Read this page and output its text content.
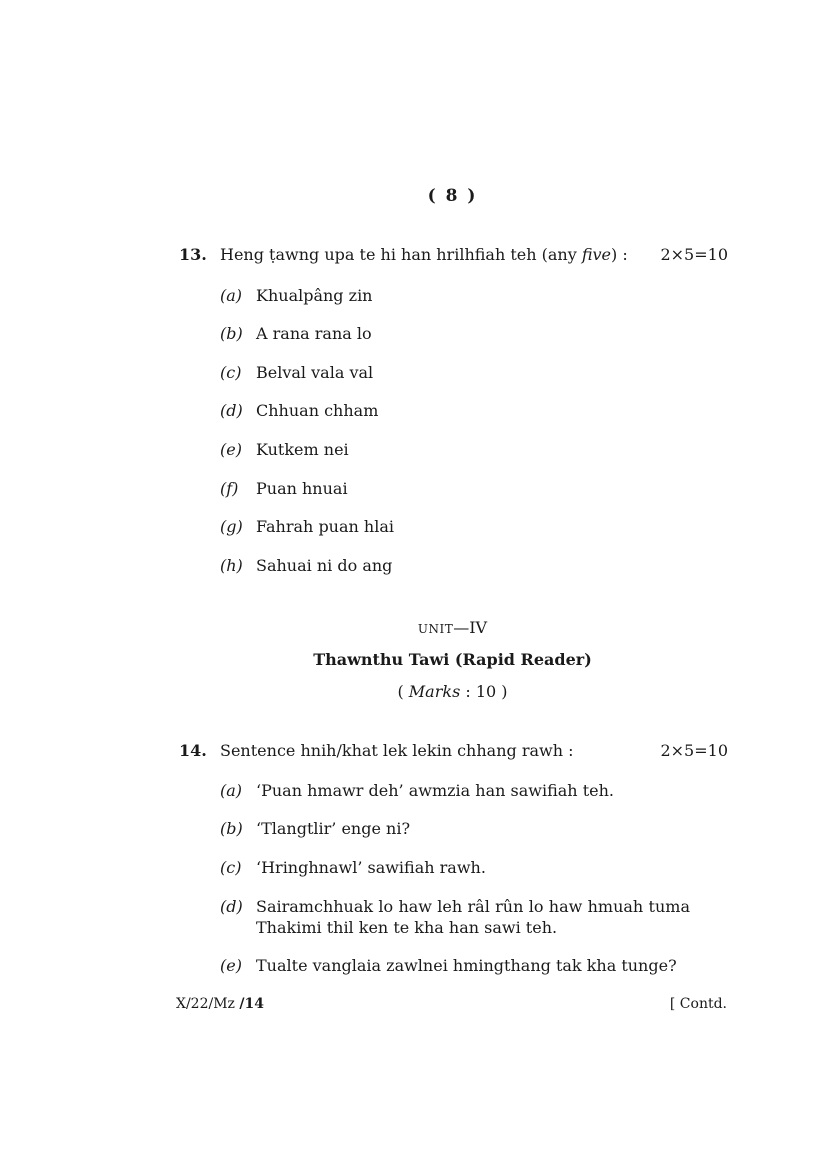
( 8 )
13. Heng ṭawng upa te hi han hrilhfiah teh (any five) : 2×5=10
(a) Khualpâng zin
(b) A rana rana lo
(c) Belval vala val
(d) Chhuan chham
(e) Kutkem nei
(f) Puan hnuai
(g) Fahrah puan hlai
(h) Sahuai ni do ang
UNIT—IV
Thawnthu Tawi (Rapid Reader)
( Marks : 10 )
14. Sentence hnih/khat lek lekin chhang rawh :	2×5=10
(a) ‘Puan hmawr deh’ awmzia han sawifiah teh.
(b) ‘Tlangtlir’ enge ni?
(c) ‘Hringhnawl’ sawifiah rawh.
(d) Sairamchhuak lo haw leh râl rûn lo haw hmuah tuma Thakimi thil ken te kha han sawi teh.
(e) Tualte vanglaia zawlnei hmingthang tak kha tunge?
X/22/Mz /14	[ Contd.
